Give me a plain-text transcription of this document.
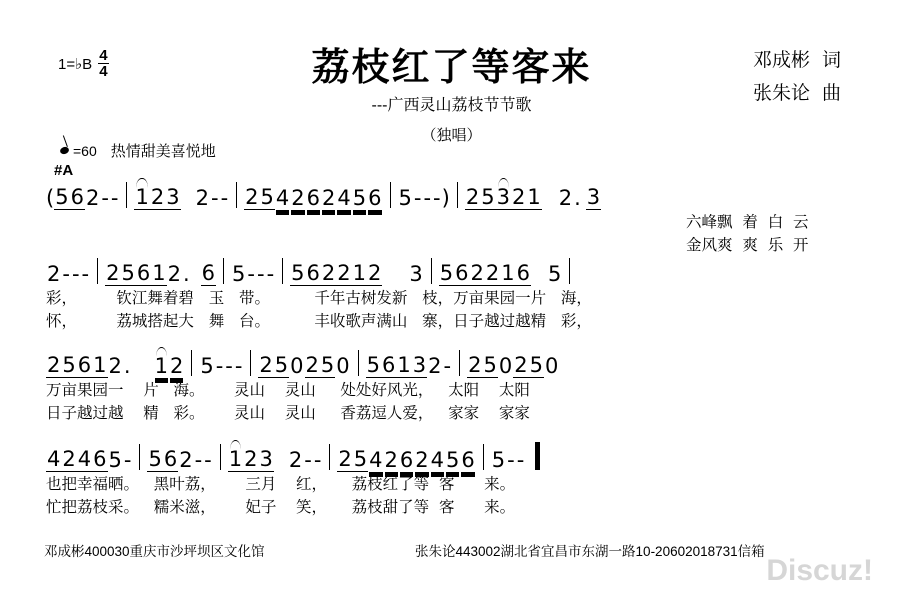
1=♭B $\frac{4}{4}$	荔枝红了等客来
---广西灵山荔枝节节歌
（独唱）
邓成彬 词
张朱论 曲
=60 热情甜美喜悦地
#A
( 5 6 2 - - 1 2 3 2 - - 2 5 4 2 6 2 4 5 6 5 - - - ) 2 5 3 2 1 2 . 3
六峰飘  着  白  云
金风爽  爽  乐  开
2 - - - 2 5 6 1 2 . 6 5 - - - 5 6 2 2 1 2 3 5 6 2 2 1 6 5
彩，        钦江舞着碧   玉   带。         千年古树发新   枝，万亩果园一片   海，
怀，        荔城搭起大   舞   台。         丰收歌声满山   寨，日子越过越精   彩，
2 5 6 1 2 .	1 2 5 - - - 2 5 0 2 5 0 5 6 1 3 2 - 2 5 0 2 5 0
万亩果园一    片   海。      灵山    灵山     处处好风光，   太阳    太阳
日子越过越    精   彩。      灵山    灵山     香荔逗人爱，   家家    家家
4 2 4 6 5 - 5 6 2 - - 1 2 3 2 - - 2 5 4 2 6 2 4 5 6 5 - -
也把幸福晒。   黑叶荔，      三月    红，     荔枝红了等  客      来。
忙把荔枝采。   糯米滋，      妃子    笑，     荔枝甜了等  客      来。
邓成彬400030重庆市沙坪坝区文化馆	张朱论443002湖北省宜昌市东湖一路10-20602018731信箱
Discuz!
